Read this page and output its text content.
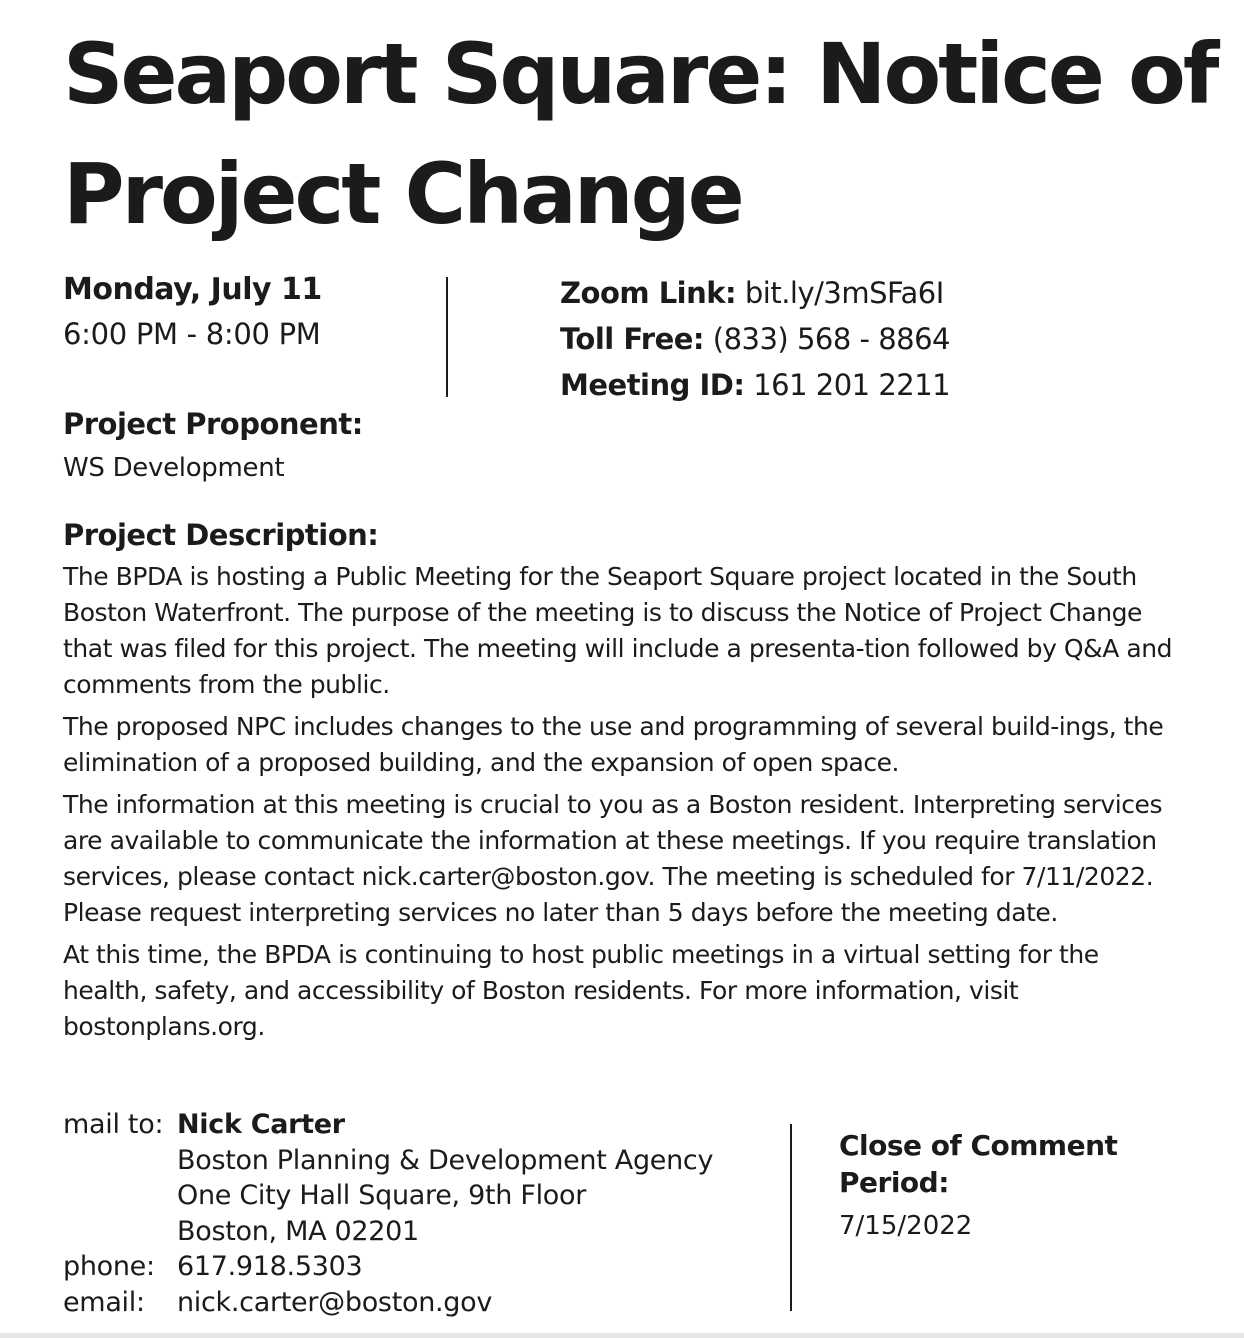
Seaport Square: Notice of Project Change
Monday, July 11
6:00 PM - 8:00 PM
Zoom Link: bit.ly/3mSFa6I
Toll Free: (833) 568 - 8864
Meeting ID: 161 201 2211
Project Proponent:
WS Development
Project Description:

The BPDA is hosting a Public Meeting for the Seaport Square project located in the South Boston Waterfront. The purpose of the meeting is to discuss the Notice of Project Change that was filed for this project. The meeting will include a presenta-tion followed by Q&A and comments from the public.

The proposed NPC includes changes to the use and programming of several build-ings, the elimination of a proposed building, and the expansion of open space.

The information at this meeting is crucial to you as a Boston resident. Interpreting services are available to communicate the information at these meetings. If you require translation services, please contact nick.carter@boston.gov. The meeting is scheduled for 7/11/2022. Please request interpreting services no later than 5 days before the meeting date.

At this time, the BPDA is continuing to host public meetings in a virtual setting for the health, safety, and accessibility of Boston residents. For more information, visit bostonplans.org.

mail to:	Nick Carter
	Boston Planning & Development Agency
	One City Hall Square, 9th Floor
	Boston, MA 02201
phone:	617.918.5303
email:	nick.carter@boston.gov
Close of Comment Period:
7/15/2022
